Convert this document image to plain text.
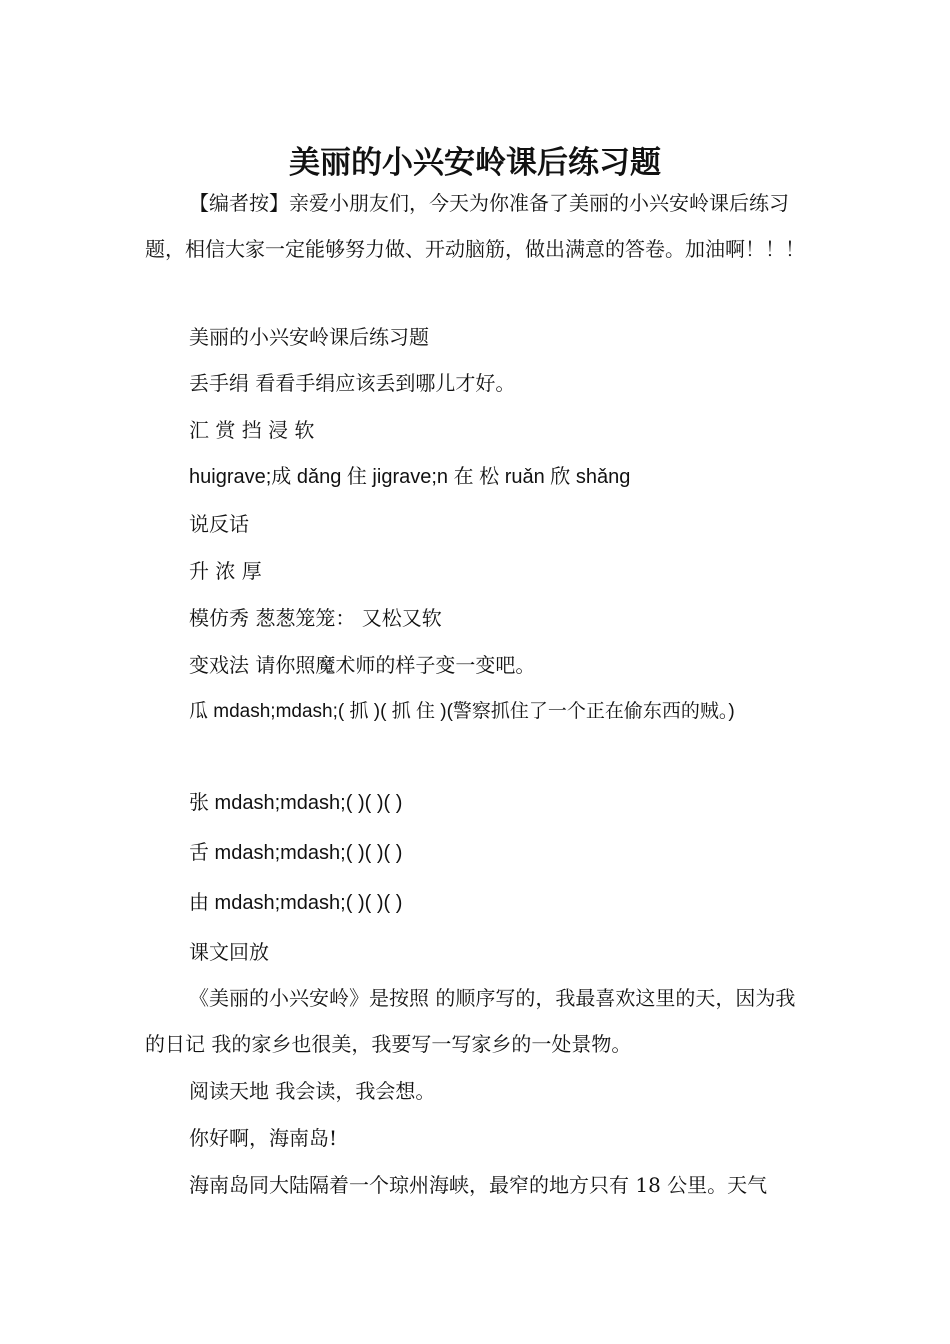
美丽的小兴安岭课后练习题

【编者按】亲爱小朋友们，今天为你准备了美丽的小兴安岭课后练习题，相信大家一定能够努力做、开动脑筋，做出满意的答卷。加油啊！！！

美丽的小兴安岭课后练习题

丢手绢 看看手绢应该丢到哪儿才好。

汇 赏 挡 浸 软

huigrave;成 dǎng 住 jigrave;n 在 松 ruǎn 欣 shǎng

说反话

升 浓 厚

模仿秀 葱葱笼笼： 又松又软

变戏法 请你照魔术师的样子变一变吧。

瓜 mdash;mdash;( 抓 )( 抓 住 )(警察抓住了一个正在偷东西的贼。)

张 mdash;mdash;( )( )( )

舌 mdash;mdash;( )( )( )

由 mdash;mdash;( )( )( )

课文回放

《美丽的小兴安岭》是按照 的顺序写的，我最喜欢这里的天，因为我的日记 我的家乡也很美，我要写一写家乡的一处景物。

阅读天地 我会读，我会想。

你好啊，海南岛!

海南岛同大陆隔着一个琼州海峡，最窄的地方只有 18 公里。天气
